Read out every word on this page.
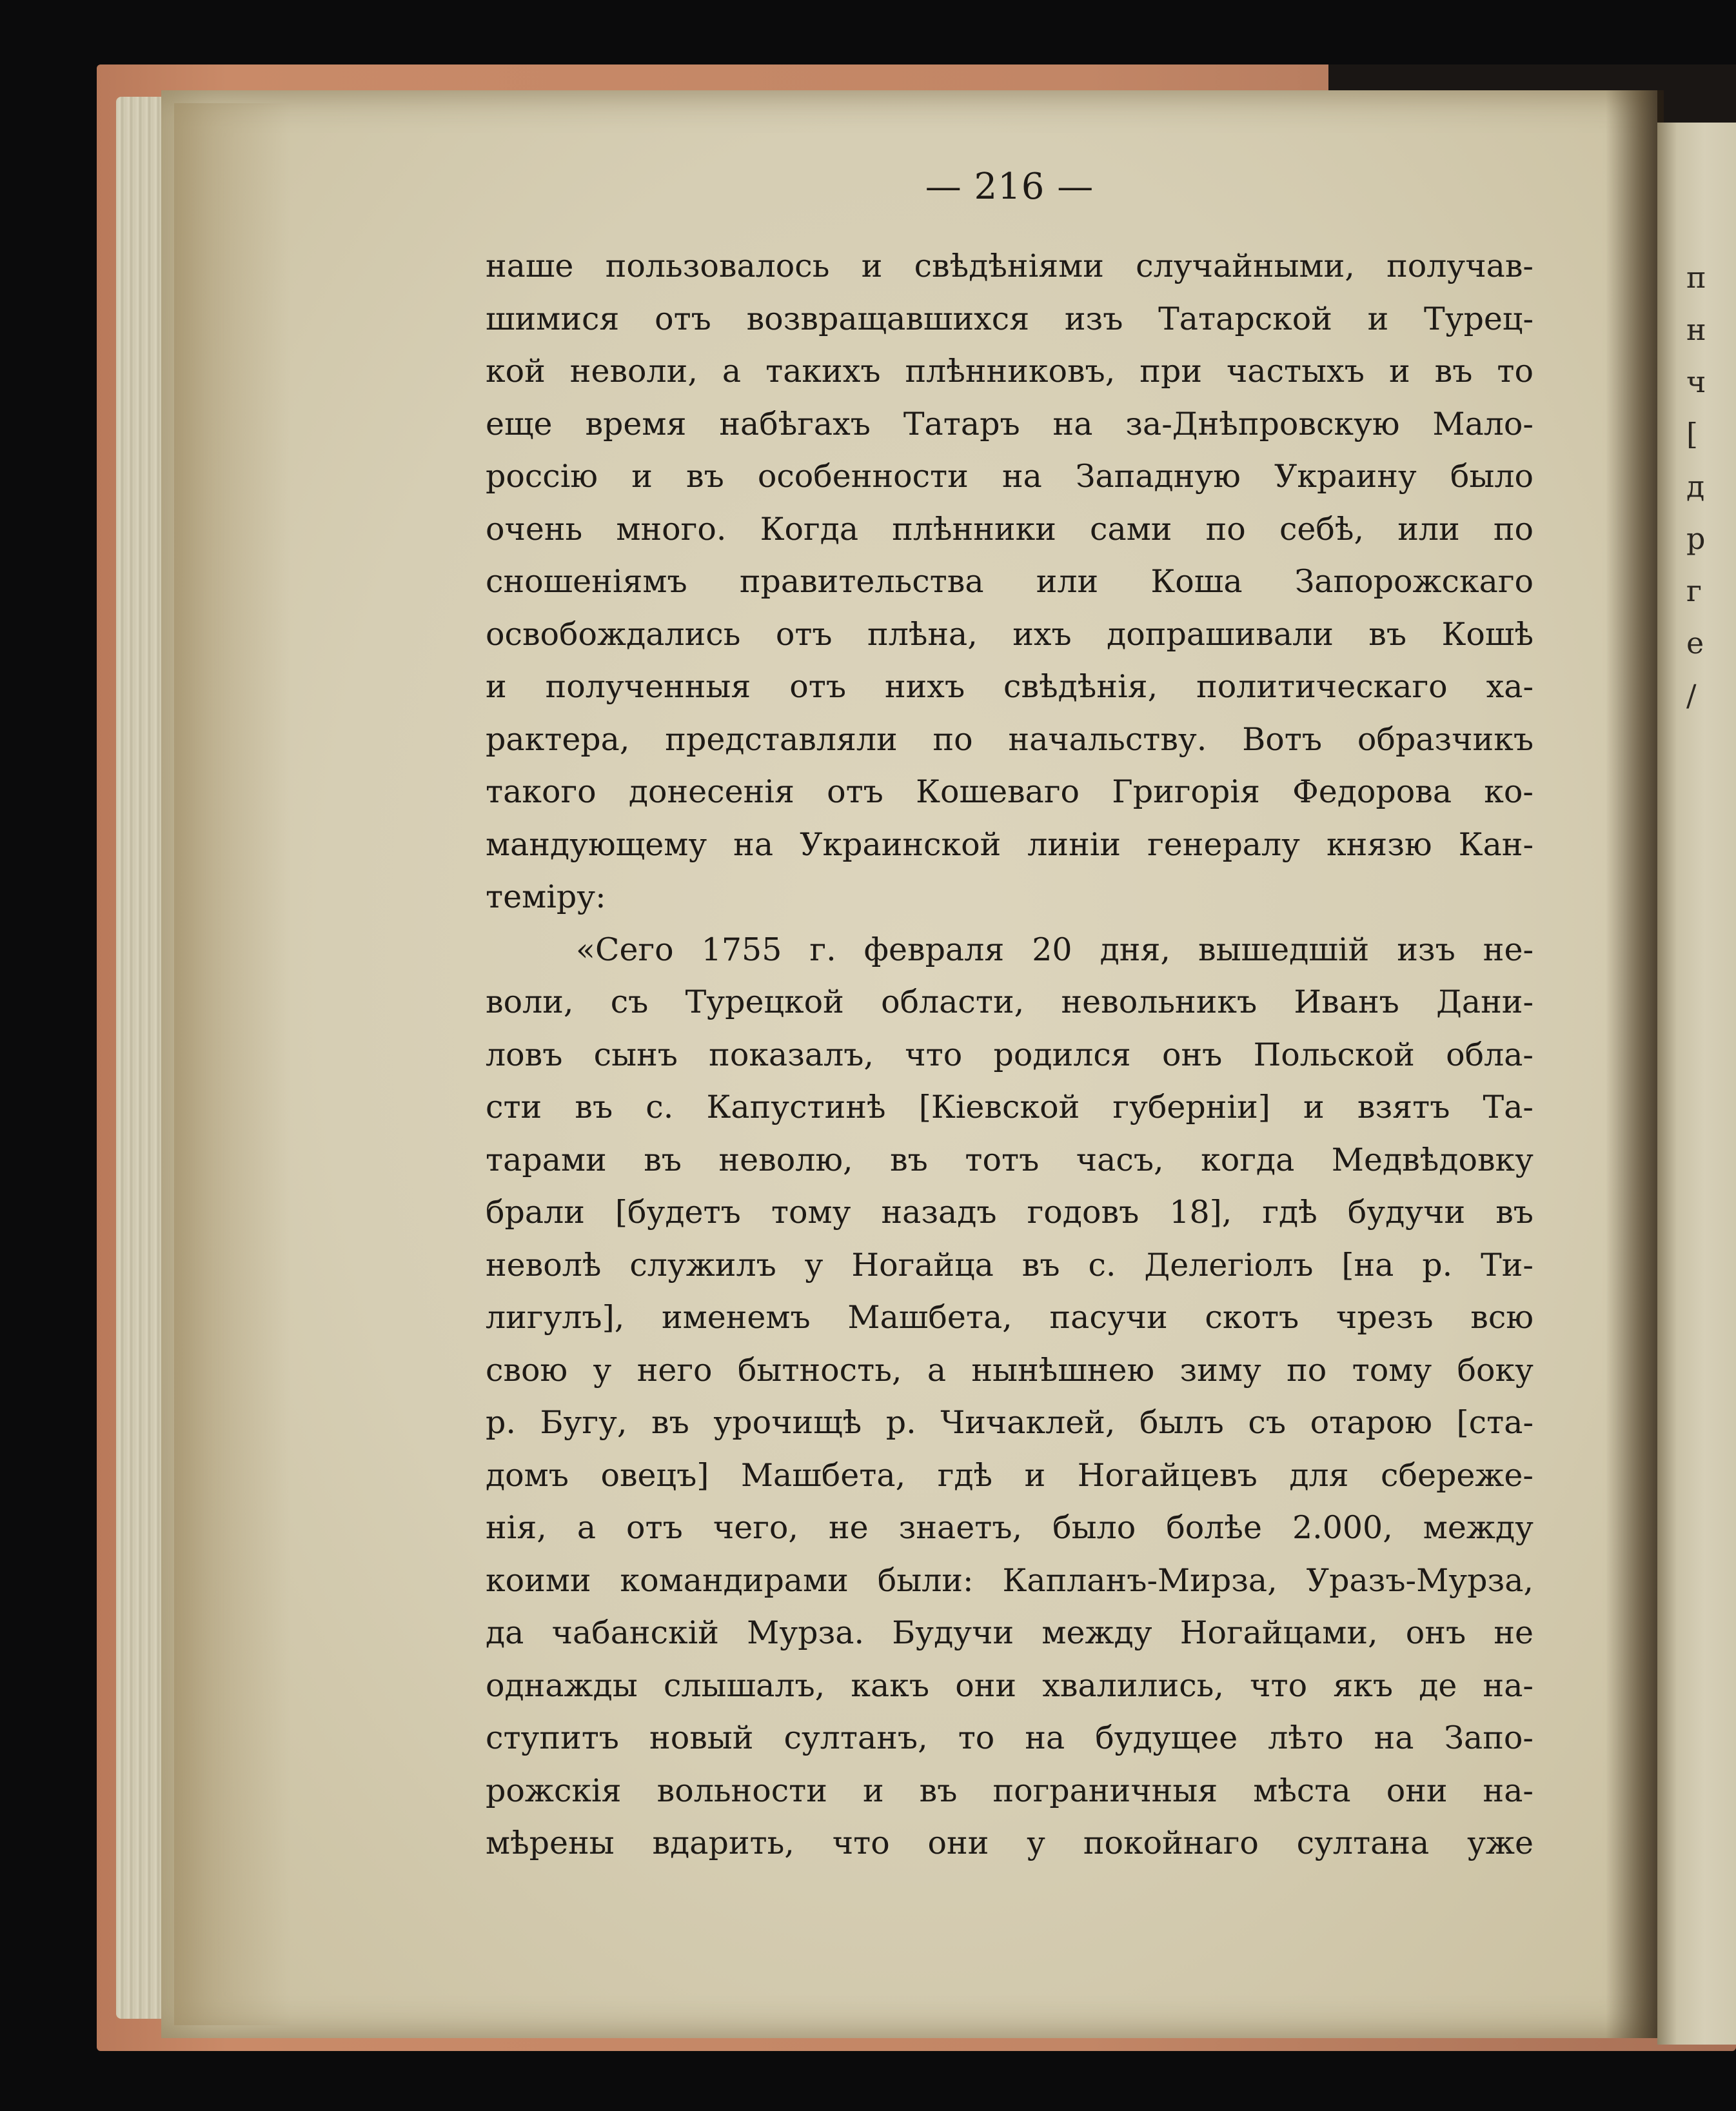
— 216 —
наше пользовалось и свѣдѣніями случайными, получав-
шимися отъ возвращавшихся изъ Татарской и Турец-
кой неволи, а такихъ плѣнниковъ, при частыхъ и въ то
еще время набѣгахъ Татаръ на за-Днѣпровскую Мало-
россію и въ особенности на Западную Украину было
очень много. Когда плѣнники сами по себѣ, или по
сношеніямъ правительства или Коша Запорожскаго
освобождались отъ плѣна, ихъ допрашивали въ Кошѣ
и полученныя отъ нихъ свѣдѣнія, политическаго ха-
рактера, представляли по начальству. Вотъ образчикъ
такого донесенія отъ Кошеваго Григорія Федорова ко-
мандующему на Украинской линіи генералу князю Кан-
теміру:
«Сего 1755 г. февраля 20 дня, вышедшій изъ не-
воли, съ Турецкой области, невольникъ Иванъ Дани-
ловъ сынъ показалъ, что родился онъ Польской обла-
сти въ с. Капустинѣ [Кіевской губерніи] и взятъ Та-
тарами въ неволю, въ тотъ часъ, когда Медвѣдовку
брали [будетъ тому назадъ годовъ 18], гдѣ будучи въ
неволѣ служилъ у Ногайца въ с. Делегіолъ [на р. Ти-
лигулъ], именемъ Машбета, пасучи скотъ чрезъ всю
свою у него бытность, а нынѣшнею зиму по тому боку
р. Бугу, въ урочищѣ р. Чичаклей, былъ съ отарою [ста-
домъ овецъ] Машбета, гдѣ и Ногайцевъ для сбереже-
нія, а отъ чего, не знаетъ, было болѣе 2.000, между
коими командирами были: Капланъ-Мирза, Уразъ-Мурза,
да чабанскій Мурза. Будучи между Ногайцами, онъ не
однажды слышалъ, какъ они хвалились, что якъ де на-
ступитъ новый султанъ, то на будущее лѣто на Запо-
рожскія вольности и въ пограничныя мѣста они на-
мѣрены вдарить, что они у покойнаго султана уже
п
н
ч
[
д
р
г
е
/
